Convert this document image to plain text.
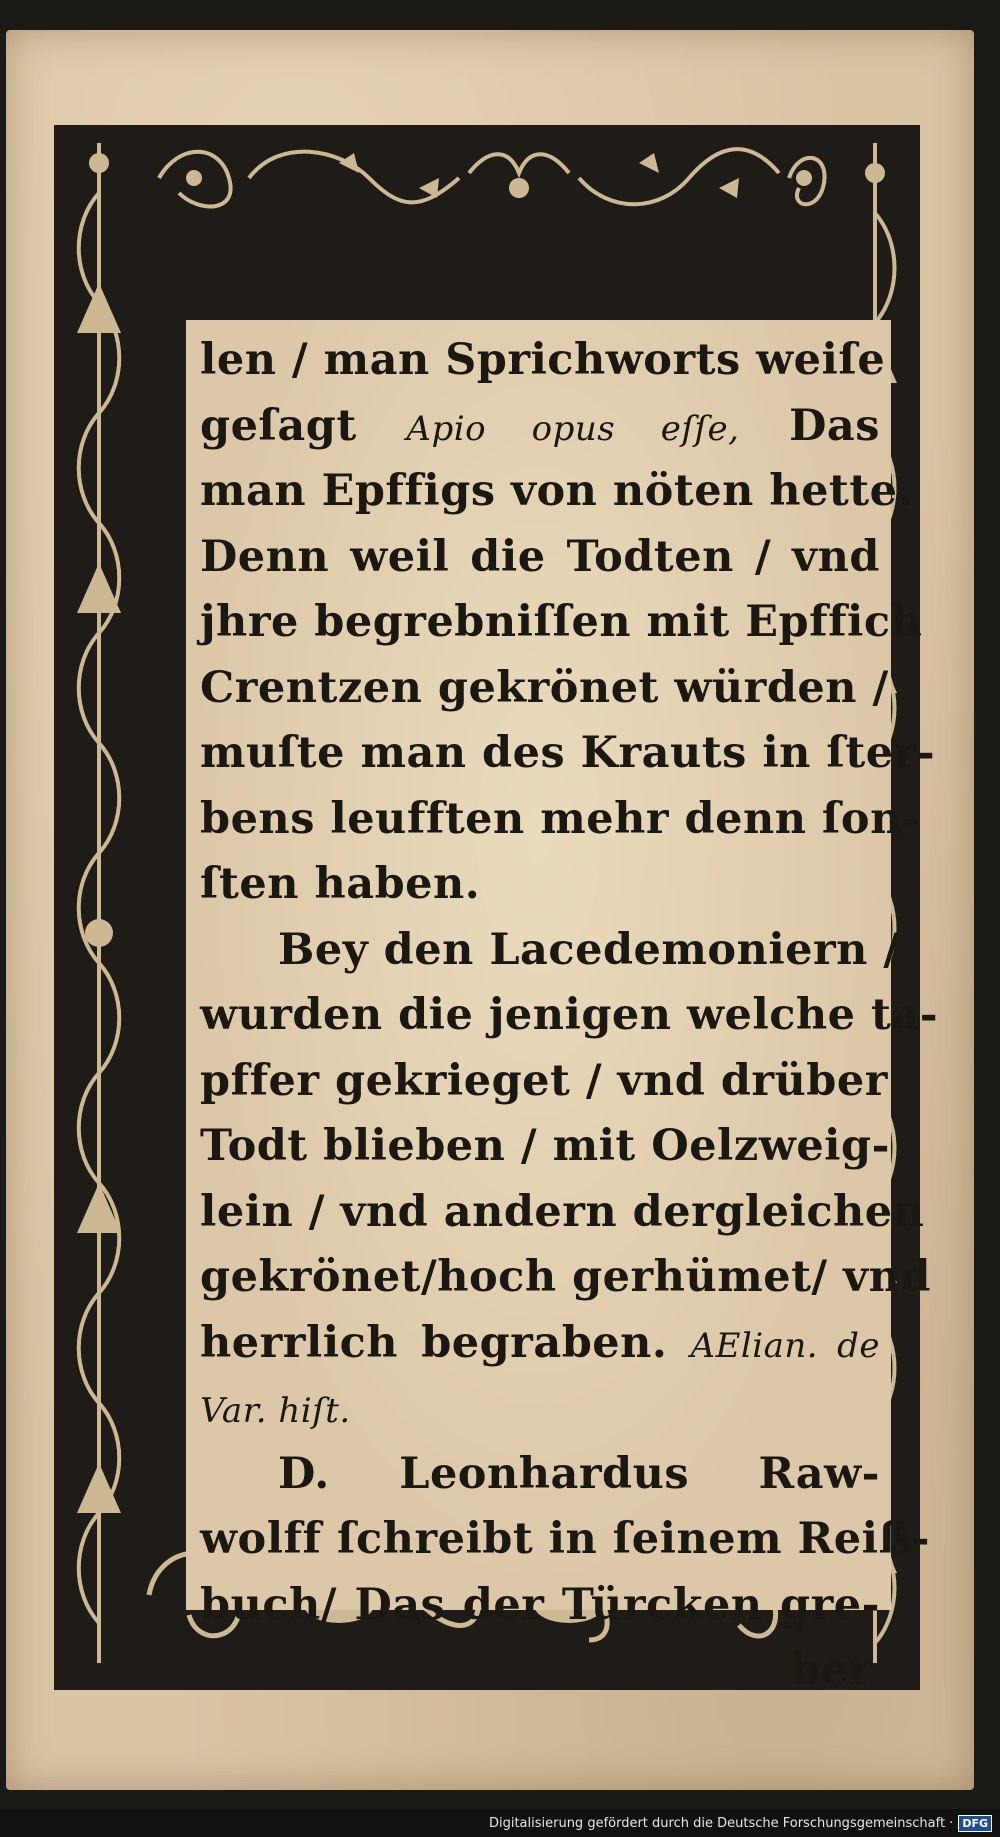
len / man Sprichworts weiſe
geſagt Apio opus eſſe, Das
man Epffigs von nöten hette.
Denn weil die Todten / vnd
jhre begrebniſſen mit Epffich
Crentzen gekrönet würden /
muſte man des Krauts in ſter-
bens leufften mehr denn ſon-
ſten haben.
Bey den Lacedemoniern /
wurden die jenigen welche ta-
pffer gekrieget / vnd drüber
Todt blieben / mit Oelzweig-
lein / vnd andern dergleichen
gekrönet/hoch gerhümet/ vnd
herrlich begraben. AElian. de
Var. hiſt.
D. Leonhardus Raw-
wolff ſchreibt in ſeinem Reiß-
buch/ Das der Türcken gre-
ber
Digitalisierung gefördert durch die Deutsche Forschungsgemeinschaft · DFG
